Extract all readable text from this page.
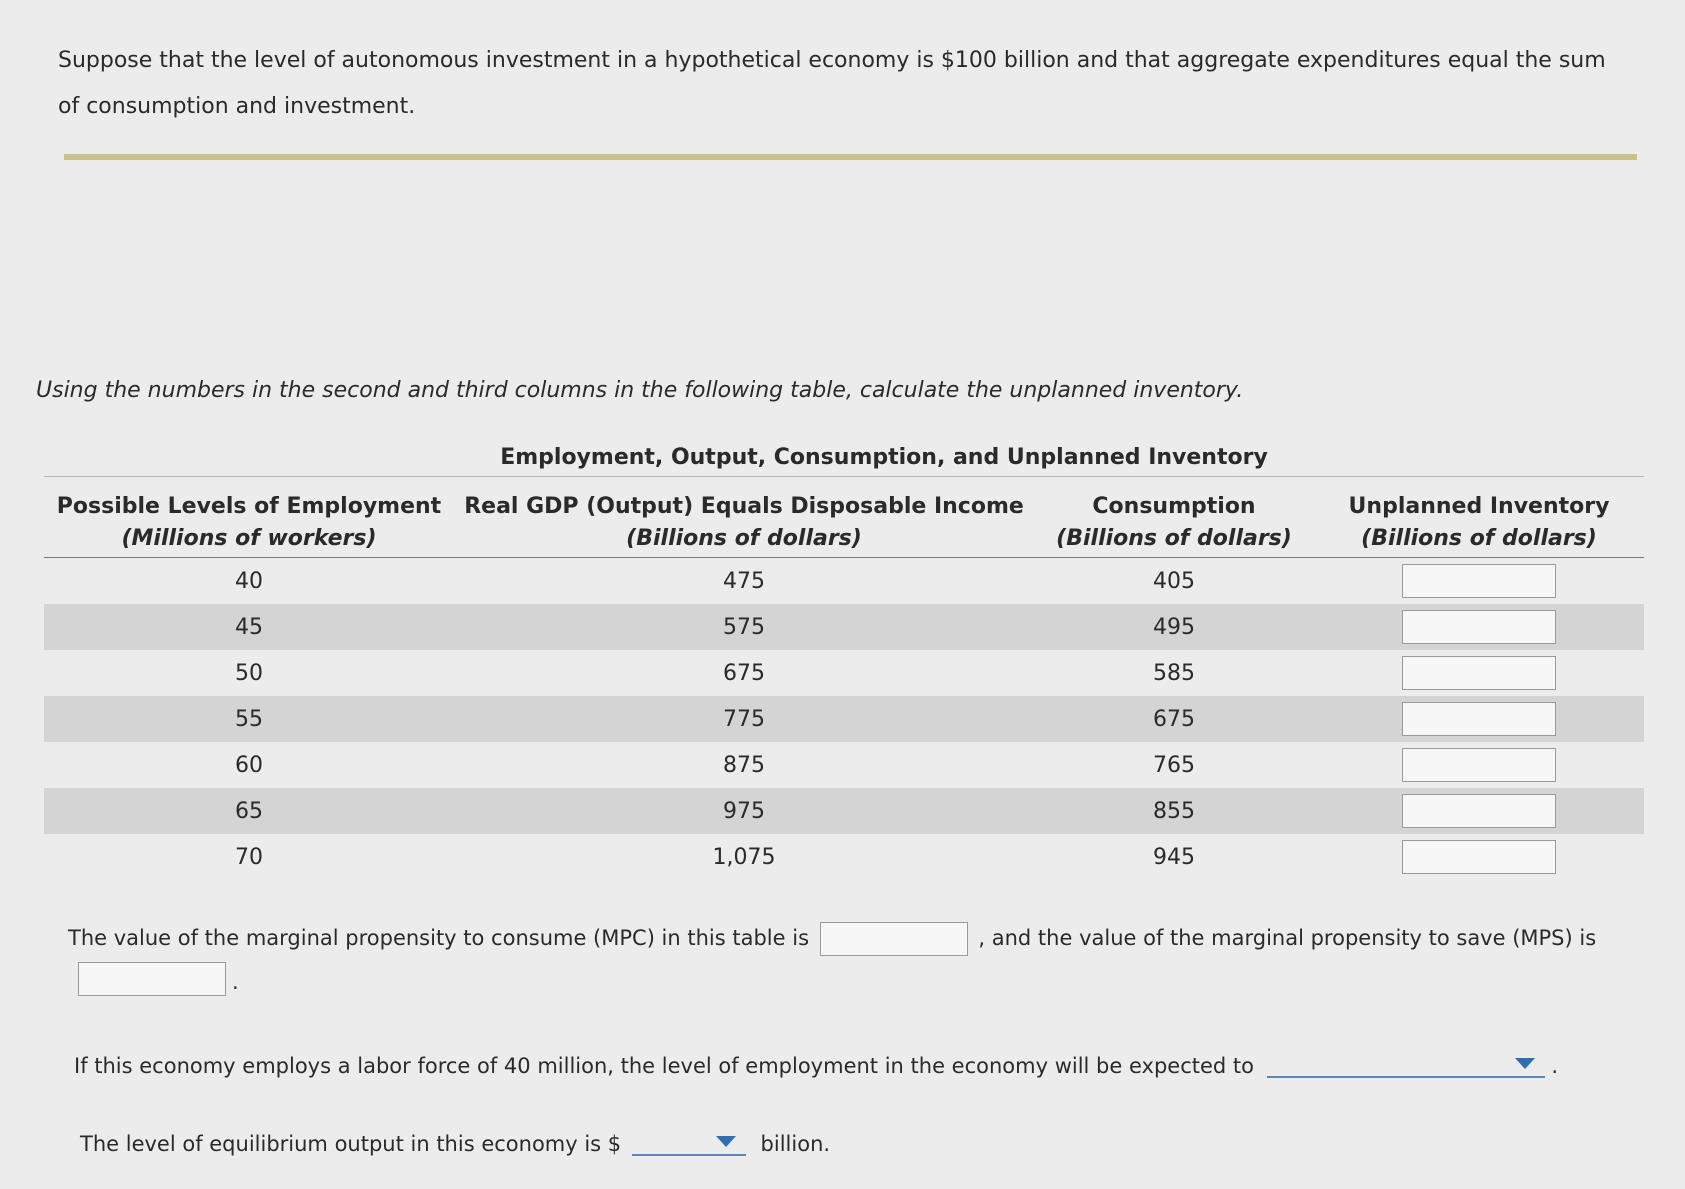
Suppose that the level of autonomous investment in a hypothetical economy is $100 billion and that aggregate expenditures equal the sum of consumption and investment.
Using the numbers in the second and third columns in the following table, calculate the unplanned inventory.
Employment, Output, Consumption, and Unplanned Inventory
Possible Levels of Employment	Real GDP (Output) Equals Disposable Income	Consumption	Unplanned Inventory
(Millions of workers)	(Billions of dollars)	(Billions of dollars)	(Billions of dollars)
40	475	405	
45	575	495	
50	675	585	
55	775	675	
60	875	765	
65	975	855	
70	1,075	945	
The value of the marginal propensity to consume (MPC) in this table is	, and the value of the marginal propensity to save (MPS) is
.
If this economy employs a labor force of 40 million, the level of employment in the economy will be expected to	.
The level of equilibrium output in this economy is $	billion.
